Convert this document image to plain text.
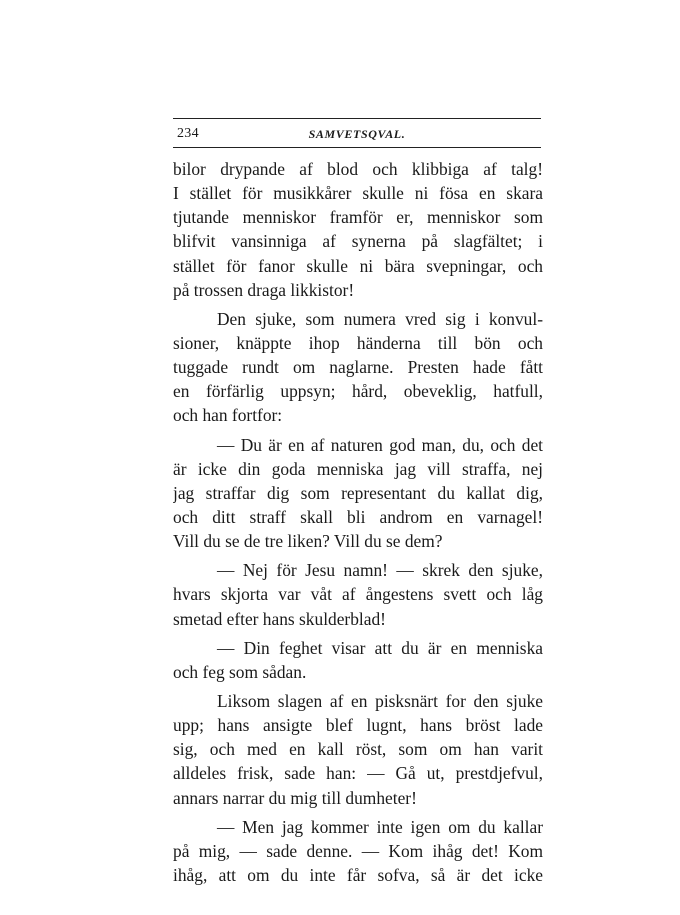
234	SAMVETSQVAL.
bilor drypande af blod och klibbiga af talg!
I stället för musikkårer skulle ni fösa en skara
tjutande menniskor framför er, menniskor som
blifvit vansinniga af synerna på slagfältet; i
stället för fanor skulle ni bära svepningar, och
på trossen draga likkistor!
Den sjuke, som numera vred sig i konvul-
sioner, knäppte ihop händerna till bön och
tuggade rundt om naglarne. Presten hade fått
en förfärlig uppsyn; hård, obeveklig, hatfull,
och han fortfor:
— Du är en af naturen god man, du, och det
är icke din goda menniska jag vill straffa, nej
jag straffar dig som representant du kallat dig,
och ditt straff skall bli androm en varnagel!
Vill du se de tre liken? Vill du se dem?
— Nej för Jesu namn! — skrek den sjuke,
hvars skjorta var våt af ångestens svett och låg
smetad efter hans skulderblad!
— Din feghet visar att du är en menniska
och feg som sådan.
Liksom slagen af en pisksnärt for den sjuke
upp; hans ansigte blef lugnt, hans bröst lade
sig, och med en kall röst, som om han varit
alldeles frisk, sade han: — Gå ut, prestdjefvul,
annars narrar du mig till dumheter!
— Men jag kommer inte igen om du kallar
på mig, — sade denne. — Kom ihåg det! Kom
ihåg, att om du inte får sofva, så är det icke
